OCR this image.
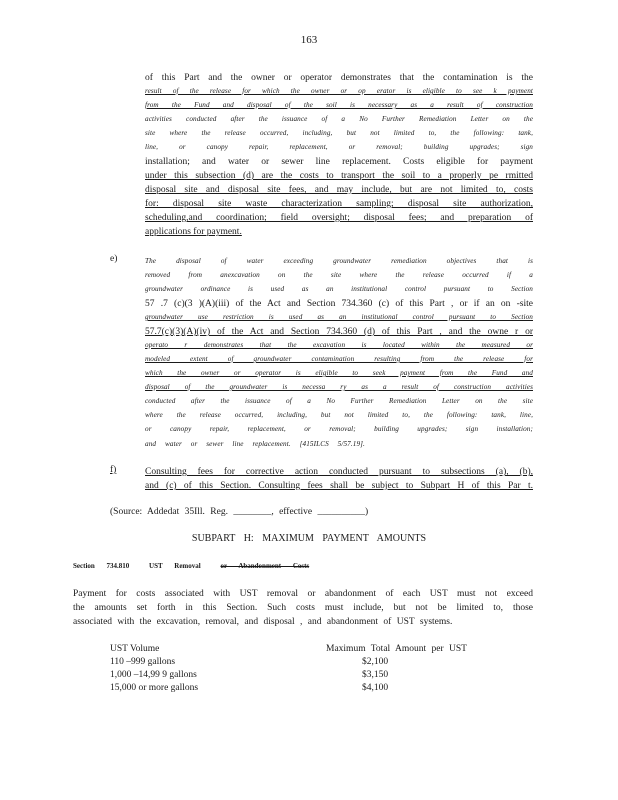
163
of this Part and the owner or operator demonstrates that the contamination is the
result of the release for which the owner or op erator is eligible to see k payment
from the Fund and disposal of the soil is necessary as a result of construction
activities conducted after the issuance of a No Further Remediation Letter on the
site where the release occurred, including, but not limited to, the following: tank,
line, or canopy repair, replacement, or removal; building upgrades; sign
installation; and water or sewer line replacement. Costs eligible for payment
under this subsection (d) are the costs to transport the soil to a properly pe rmitted
disposal site and disposal site fees, and may include, but are not limited to, costs
for: disposal site waste characterization sampling; disposal site authorization,
scheduling,and coordination; field oversight; disposal fees; and preparation of
applications for payment.
e)	The disposal of water exceeding groundwater remediation objectives that is
removed from anexcavation on the site where the release occurred if a
groundwater ordinance is used as an institutional control pursuant to Section
57 .7 (c)(3 )(A)(iii) of the Act and Section 734.360 (c) of this Part , or if an on -site
groundwater use restriction is used as an institutional control pursuant to Section
57.7(c)(3)(A)(iv) of the Act and Section 734.360 (d) of this Part , and the owne r or
operato r demonstrates that the excavation is located within the measured or
modeled extent of groundwater contamination resulting from the release for
which the owner or operator is eligible to seek payment from the Fund and
disposal of the groundwater is necessa ry as a result of construction activities
conducted after the issuance of a No Further Remediation Letter on the site
where the release occurred, including, but not limited to, the following: tank, line,
or canopy repair, replacement, or removal; building upgrades; sign installation;
and water or sewer line replacement. [415ILCS 5/57.19].
f)	Consulting fees for corrective action conducted pursuant to subsections (a), (b),
and (c) of this Section. Consulting fees shall be subject to Subpart H of this Par t.
(Source: Addedat 35Ill. Reg. ________, effective __________)
SUBPART H: MAXIMUM PAYMENT AMOUNTS
Section 734.810	UST Removal	or Abandonment Costs
Payment for costs associated with UST removal or abandonment of each UST must not exceed
the amounts set forth in this Section. Such costs must include, but not be limited to, those
associated with the excavation, removal, and disposal , and abandonment of UST systems.
UST Volume	Maximum Total Amount per UST
110 –999 gallons	$2,100
1,000 –14,99 9 gallons	$3,150
15,000 or more gallons	$4,100
